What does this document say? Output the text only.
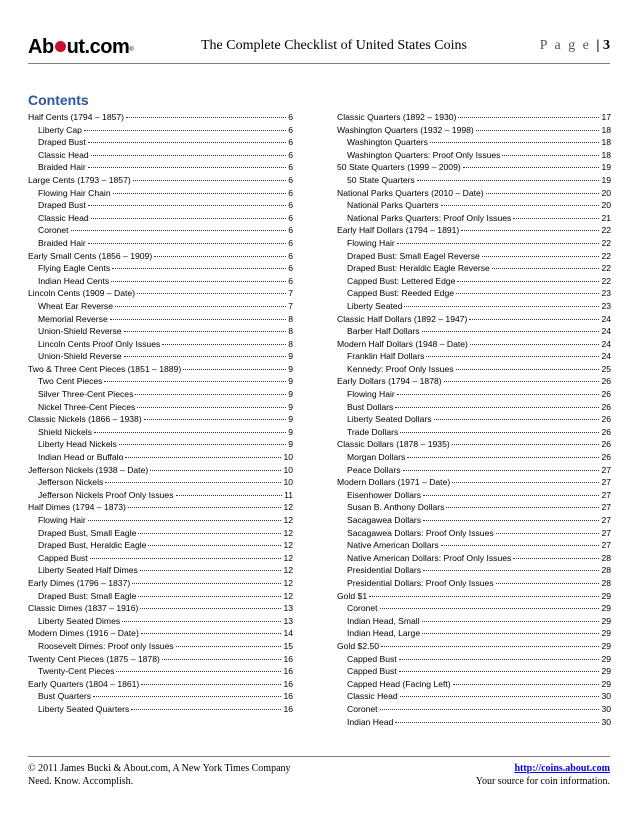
Ab ut.com®	The Complete Checklist of United States Coins	P a g e | 3
Contents
Half Cents (1794 – 1857)	6
Liberty Cap	6
Draped Bust	6
Classic Head	6
Braided Hair	6
Large Cents (1793 – 1857)	6
Flowing Hair Chain	6
Draped Bust	6
Classic Head	6
Coronet	6
Braided Hair	6
Early Small Cents (1856 – 1909)	6
Flying Eagle Cents	6
Indian Head Cents	6
Lincoln Cents (1909 – Date)	7
Wheat Ear Reverse	7
Memorial Reverse	8
Union-Shield Reverse	8
Lincoln Cents Proof Only Issues	8
Union-Shield Reverse	9
Two & Three Cent Pieces (1851 – 1889)	9
Two Cent Pieces	9
Silver Three-Cent Pieces	9
Nickel Three-Cent Pieces	9
Classic Nickels (1866 – 1938)	9
Shield Nickels	9
Liberty Head Nickels	9
Indian Head or Buffalo	10
Jefferson Nickels (1938 – Date)	10
Jefferson Nickels	10
Jefferson Nickels Proof Only Issues	11
Half Dimes (1794 – 1873)	12
Flowing Hair	12
Draped Bust, Small Eagle	12
Draped Bust, Heraldic Eagle	12
Capped Bust	12
Liberty Seated Half Dimes	12
Early Dimes (1796 – 1837)	12
Draped Bust: Small Eagle	12
Classic Dimes (1837 – 1916)	13
Liberty Seated Dimes	13
Modern Dimes (1916 – Date)	14
Roosevelt Dimes: Proof only Issues	15
Twenty Cent Pieces (1875 – 1878)	16
Twenty-Cent Pieces	16
Early Quarters (1804 – 1861)	16
Bust Quarters	16
Liberty Seated Quarters	16
Classic Quarters (1892 – 1930)	17
Washington Quarters (1932 – 1998)	18
Washington Quarters	18
Washington Quarters: Proof Only Issues	18
50 State Quarters (1999 – 2009)	19
50 State Quarters	19
National Parks Quarters (2010 – Date)	20
National Parks Quarters	20
National Parks Quarters: Proof Only Issues	21
Early Half Dollars (1794 – 1891)	22
Flowing Hair	22
Draped Bust: Small Eagel Reverse	22
Draped Bust: Heraldic Eagle Reverse	22
Capped Bust: Lettered Edge	22
Capped Bust: Reeded Edge	23
Liberty Seated	23
Classic Half Dollars (1892 – 1947)	24
Barber Half Dollars	24
Modern Half Dollars (1948 – Date)	24
Franklin Half Dollars	24
Kennedy: Proof Only Issues	25
Early Dollars (1794 – 1878)	26
Flowing Hair	26
Bust Dollars	26
Liberty Seated Dollars	26
Trade Dollars	26
Classic Dollars (1878 – 1935)	26
Morgan Dollars	26
Peace Dollars	27
Modern Dollars (1971 – Date)	27
Eisenhower Dollars	27
Susan B. Anthony Dollars	27
Sacagawea Dollars	27
Sacagawea Dollars: Proof Only Issues	27
Native American Dollars	27
Native American Dollars: Proof Only Issues	28
Presidential Dollars	28
Presidential Dollars: Proof Only Issues	28
Gold $1	29
Coronet	29
Indian Head, Small	29
Indian Head, Large	29
Gold $2.50	29
Capped Bust	29
Capped Bust	29
Capped Head (Facing Left)	29
Classic Head	30
Coronet	30
Indian Head	30
© 2011 James Bucki & About.com, A New York Times Company
Need. Know. Accomplish.
http://coins.about.com
Your source for coin information.
